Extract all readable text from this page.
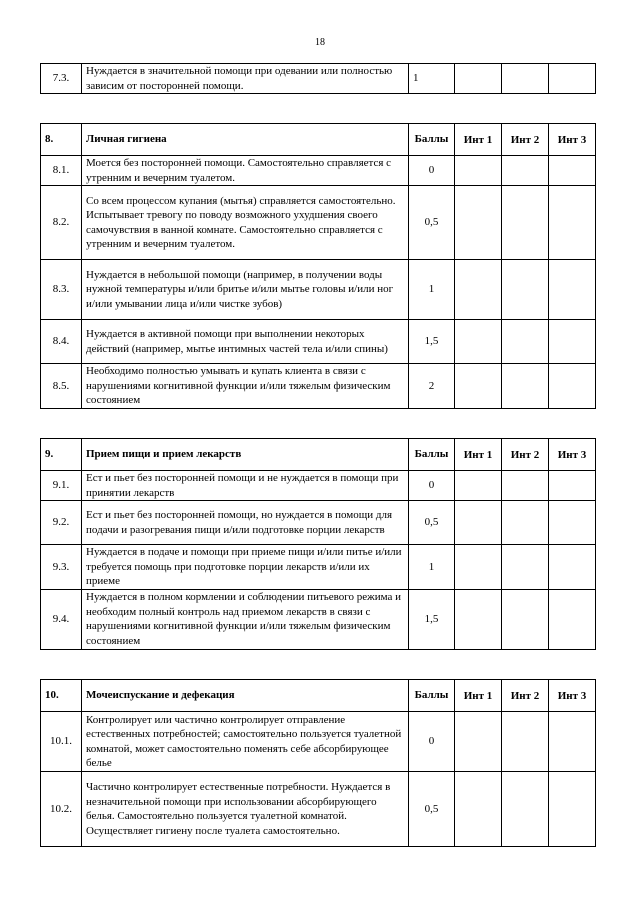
18
7.3.	Нуждается в значительной помощи при одевании или полностью зависим от посторонней помощи.	1			
8.	Личная гигиена	Баллы	Инт 1	Инт 2	Инт 3
8.1.	Моется без посторонней помощи. Самостоятельно справляется с утренним и вечерним туалетом.	0			
8.2.	Со всем процессом купания (мытья) справляется самостоятельно. Испытывает тревогу по поводу возможного ухудшения своего самочувствия в ванной комнате. Самостоятельно справляется с утренним и вечерним туалетом.	0,5			
8.3.	Нуждается в небольшой помощи (например, в получении воды нужной температуры и/или бритье и/или мытье головы и/или ног и/или умывании лица и/или чистке зубов)	1			
8.4.	Нуждается в активной помощи при выполнении некоторых действий (например, мытье интимных частей тела и/или спины)	1,5			
8.5.	Необходимо полностью умывать и купать клиента в связи с нарушениями когнитивной функции и/или тяжелым физическим состоянием	2			
9.	Прием пищи и прием лекарств	Баллы	Инт 1	Инт 2	Инт 3
9.1.	Ест и пьет без посторонней помощи и не нуждается в помощи при принятии лекарств	0			
9.2.	Ест и пьет без посторонней помощи, но нуждается в помощи для подачи и разогревания пищи и/или подготовке порции лекарств	0,5			
9.3.	Нуждается в подаче и помощи при приеме пищи и/или питье и/или требуется помощь при подготовке порции лекарств и/или их приеме	1			
9.4.	Нуждается в полном кормлении и соблюдении питьевого режима и необходим полный контроль над приемом лекарств в связи с нарушениями когнитивной функции и/или тяжелым физическим состоянием	1,5			
10.	Мочеиспускание и дефекация	Баллы	Инт 1	Инт 2	Инт 3
10.1.	Контролирует или частично контролирует отправление естественных потребностей; самостоятельно пользуется туалетной комнатой, может самостоятельно поменять себе абсорбирующее белье	0			
10.2.	Частично контролирует естественные потребности. Нуждается в незначительной помощи при использовании абсорбирующего белья. Самостоятельно пользуется туалетной комнатой. Осуществляет гигиену после туалета самостоятельно.	0,5			
